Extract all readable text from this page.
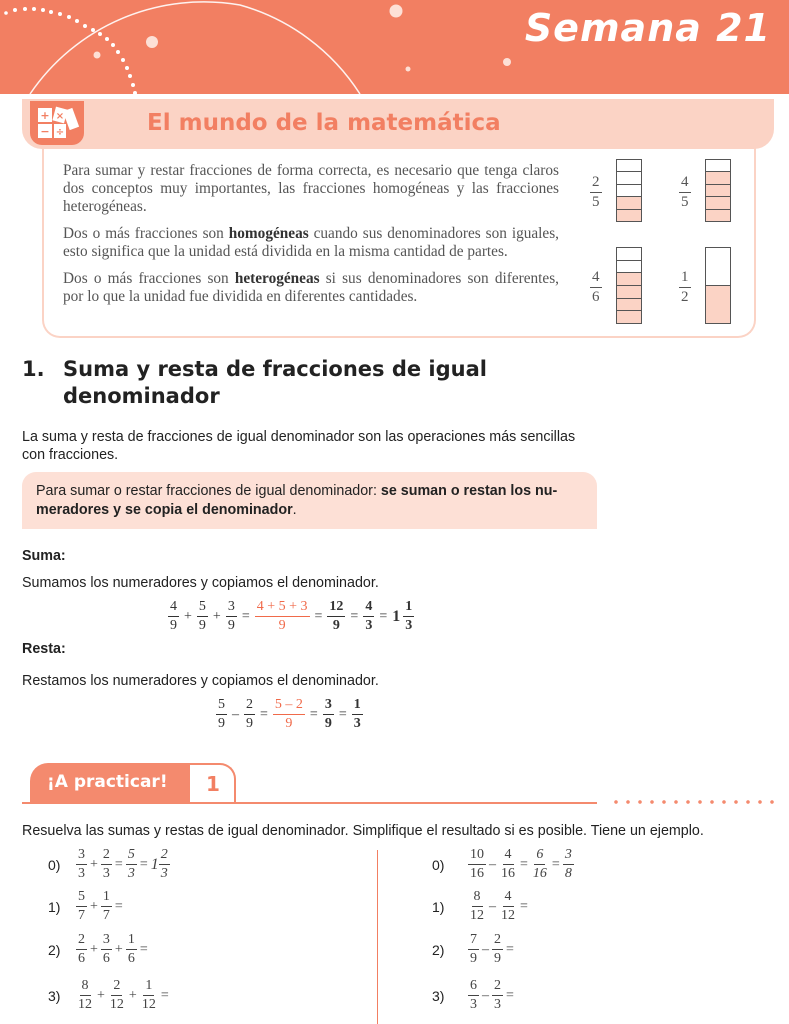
Semana 21
+ ×
− ÷	El mundo de la matemática

Para sumar y restar fracciones de forma correcta, es necesario que tenga claros dos conceptos muy importantes, las fracciones homogéneas y las fracciones heterogéneas.

Dos o más fracciones son homogéneas cuando sus denominadores son iguales, esto significa que la unidad está dividida en la misma cantidad de partes.

Dos o más fracciones son heterogéneas si sus denominadores son diferentes, por lo que la unidad fue dividida en diferentes cantidades.

$\frac{2}{5}$	$\frac{4}{5}$
$\frac{4}{6}$	$\frac{1}{2}$
1. Suma y resta de fracciones de igual
denominador
La suma y resta de fracciones de igual denominador son las operaciones más sencillas
con fracciones.
Para sumar o restar fracciones de igual denominador: se suman o restan los nu- meradores y se copia el denominador.
Suma:
Sumamos los numeradores y copiamos el denominador.
$\frac{4}{9} + \frac{5}{9} + \frac{3}{9} = \frac{4 + 5 + 3}{9} = \frac{12}{9} = \frac{4}{3} = 1 \frac{1}{3}$
Resta:
Restamos los numeradores y copiamos el denominador.
$\frac{5}{9} - \frac{2}{9} = \frac{5 - 2}{9} = \frac{3}{9} = \frac{1}{3}$
¡A practicar! 1
Resuelva las sumas y restas de igual denominador. Simplifique el resultado si es posible. Tiene un ejemplo.
0)	$\frac{3}{3} + \frac{2}{3} = \frac{5}{3} = 1 \frac{2}{3}$
1)	$\frac{5}{7} + \frac{1}{7}$ =
2)	$\frac{2}{6} + \frac{3}{6} + \frac{1}{6}$ =
3)	$\frac{8}{12} + \frac{2}{12} + \frac{1}{12}$ =
0)	$\frac{10}{16} - \frac{4}{16} = \frac{6}{16} = \frac{3}{8}$
1)	$\frac{8}{12} - \frac{4}{12}$ =
2)	$\frac{7}{9} - \frac{2}{9}$ =
3)	$\frac{6}{3} - \frac{2}{3}$ =
